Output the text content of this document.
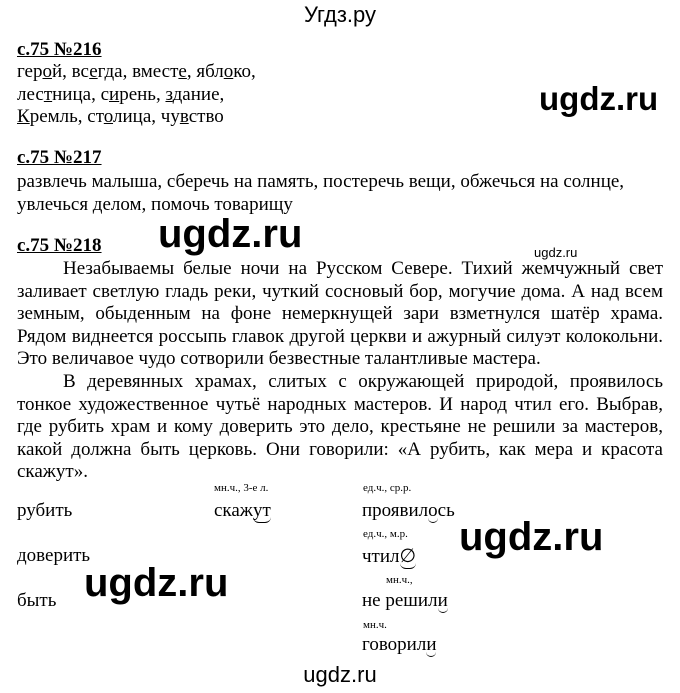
Угдз.ру
ugdz.ru
ugdz.ru	ugdz.ru
ugdz.ru
ugdz.ru
с.75 №216
герой, всегда, вместе, яблоко,
лестница, сирень, здание,
Кремль, столица, чувство
с.75 №217
развлечь малыша, сберечь на память, постеречь вещи, обжечься на солнце,
увлечься делом, помочь товарищу
с.75 №218
Незабываемы белые ночи на Русском Севере. Тихий жемчужный свет заливает светлую гладь реки, чуткий сосновый бор, могучие дома. А над всем земным, обыденным на фоне немеркнущей зари взметнулся шатёр храма. Рядом виднеется россыпь главок другой церкви и ажурный силуэт колокольни. Это величавое чудо сотворили безвестные талантливые мастера.
В деревянных храмах, слитых с окружающей природой, проявилось тонкое художественное чутьё народных мастеров. И народ чтил его. Выбрав, где рубить храм и кому доверить это дело, крестьяне не решили за мастеров, какой должна быть церковь. Они говорили: «А рубить, как мера и красота скажут».
рубить
доверить
быть
мн.ч., 3-е л.
скажут
ед.ч., ср.р.
проявилось
ед.ч., м.р.
чтил∅
мн.ч.,
не решили
мн.ч.
говорили
ugdz.ru
